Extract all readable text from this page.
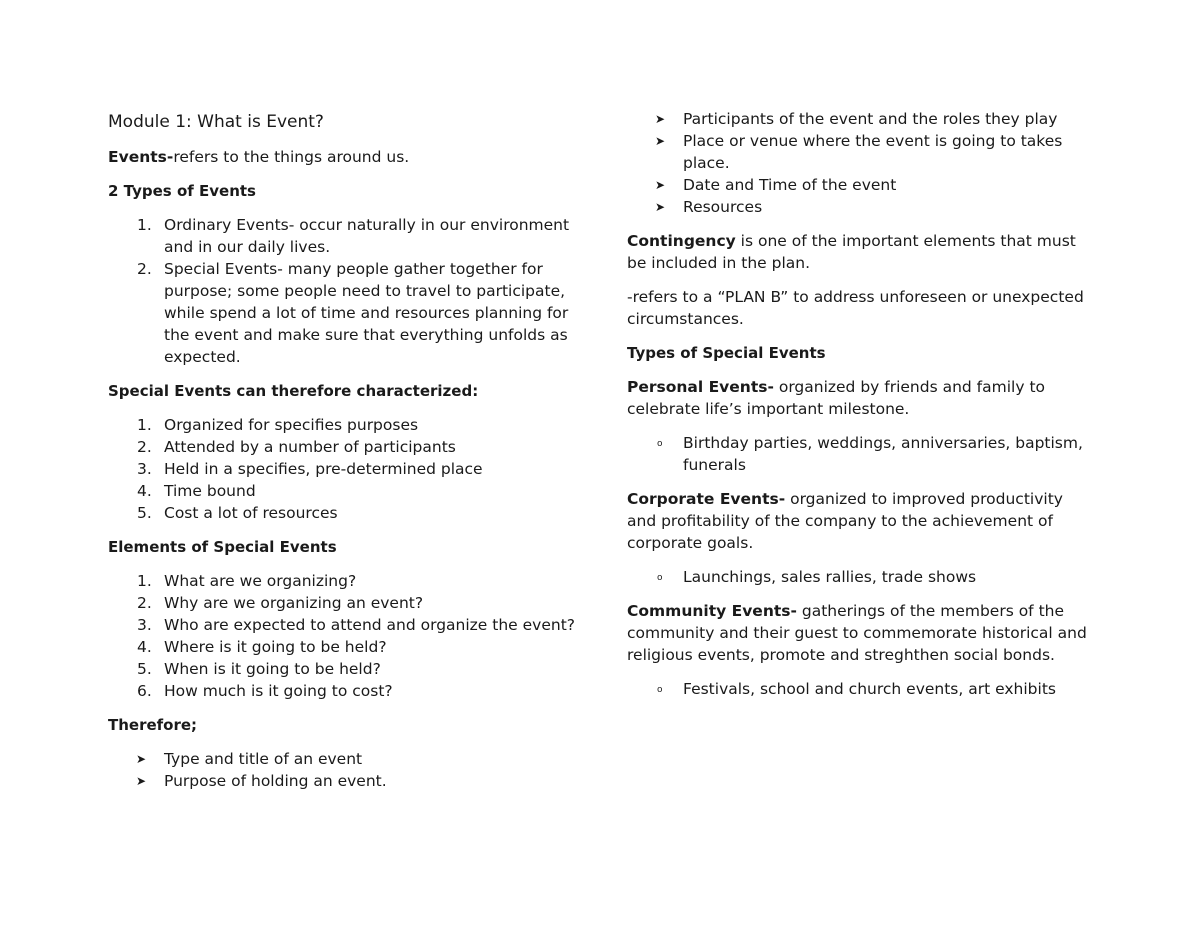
Module 1: What is Event?

Events-refers to the things around us.

2 Types of Events
1. Ordinary Events- occur naturally in our environment and in our daily lives.
2. Special Events- many people gather together for purpose; some people need to travel to participate, while spend a lot of time and resources planning for the event and make sure that everything unfolds as expected.
Special Events can therefore characterized:
1. Organized for specifies purposes
2. Attended by a number of participants
3. Held in a specifies, pre-determined place
4. Time bound
5. Cost a lot of resources
Elements of Special Events
1. What are we organizing?
2. Why are we organizing an event?
3. Who are expected to attend and organize the event?
4. Where is it going to be held?
5. When is it going to be held?
6. How much is it going to cost?
Therefore;
➤ Type and title of an event
➤ Purpose of holding an event.
➤ Participants of the event and the roles they play
➤ Place or venue where the event is going to takes place.
➤ Date and Time of the event
➤ Resources

Contingency is one of the important elements that must be included in the plan.

-refers to a “PLAN B” to address unforeseen or unexpected circumstances.

Types of Special Events

Personal Events- organized by friends and family to celebrate life’s important milestone.

o Birthday parties, weddings, anniversaries, baptism, funerals

Corporate Events- organized to improved productivity and profitability of the company to the achievement of corporate goals.

o Launchings, sales rallies, trade shows

Community Events- gatherings of the members of the community and their guest to commemorate historical and religious events, promote and streghthen social bonds.

o Festivals, school and church events, art exhibits
